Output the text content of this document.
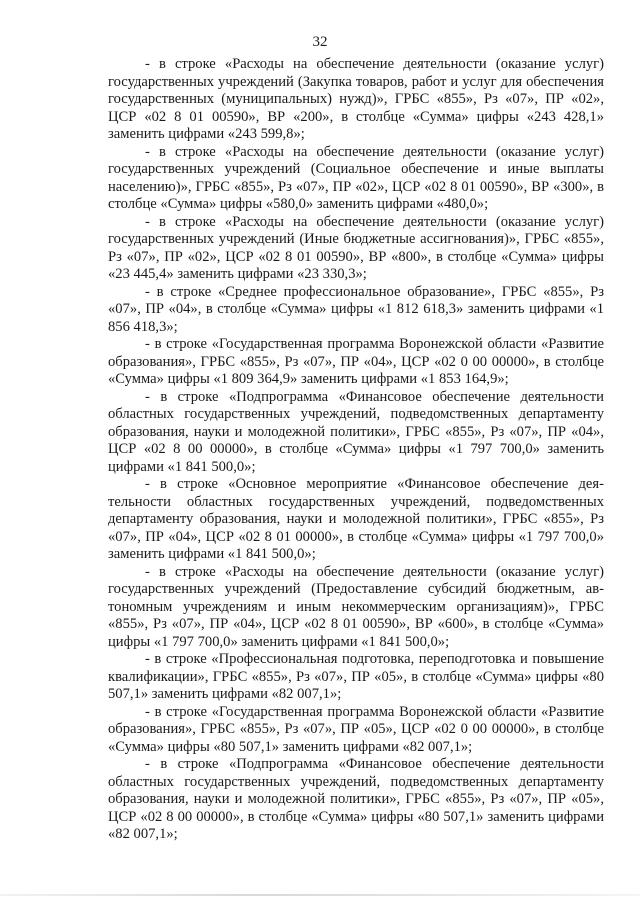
32

- в строке «Расходы на обеспечение деятельности (оказание услуг) государственных учреждений (Закупка товаров, работ и услуг для обеспечения государственных (муниципальных) нужд)», ГРБС «855», Рз «07», ПР «02», ЦСР «02 8 01 00590», ВР «200», в столбце «Сумма» цифры «243 428,1» заменить цифрами «243 599,8»;

- в строке «Расходы на обеспечение деятельности (оказание услуг) государственных учреждений (Социальное обеспечение и иные выплаты населению)», ГРБС «855», Рз «07», ПР «02», ЦСР «02 8 01 00590», ВР «300», в столбце «Сумма» цифры «580,0» заменить цифрами «480,0»;

- в строке «Расходы на обеспечение деятельности (оказание услуг) государственных учреждений (Иные бюджетные ассигнования)», ГРБС «855», Рз «07», ПР «02», ЦСР «02 8 01 00590», ВР «800», в столбце «Сумма» цифры «23 445,4» заменить цифрами «23 330,3»;

- в строке «Среднее профессиональное образование», ГРБС «855», Рз «07», ПР «04», в столбце «Сумма» цифры «1 812 618,3» заменить цифрами «1 856 418,3»;

- в строке «Государственная программа Воронежской области «Развитие образования», ГРБС «855», Рз «07», ПР «04», ЦСР «02 0 00 00000», в столбце «Сумма» цифры «1 809 364,9» заменить цифрами «1 853 164,9»;

- в строке «Подпрограмма «Финансовое обеспечение деятельности областных государственных учреждений, подведомственных департаменту образования, науки и молодежной политики», ГРБС «855», Рз «07», ПР «04», ЦСР «02 8 00 00000», в столбце «Сумма» цифры «1 797 700,0» заменить цифрами «1 841 500,0»;

- в строке «Основное мероприятие «Финансовое обеспечение деятельности областных государственных учреждений, подведомственных департаменту образования, науки и молодежной политики», ГРБС «855», Рз «07», ПР «04», ЦСР «02 8 01 00000», в столбце «Сумма» цифры «1 797 700,0» заменить цифрами «1 841 500,0»;

- в строке «Расходы на обеспечение деятельности (оказание услуг) государственных учреждений (Предоставление субсидий бюджетным, автономным учреждениям и иным некоммерческим организациям)», ГРБС «855», Рз «07», ПР «04», ЦСР «02 8 01 00590», ВР «600», в столбце «Сумма» цифры «1 797 700,0» заменить цифрами «1 841 500,0»;

- в строке «Профессиональная подготовка, переподготовка и повышение квалификации», ГРБС «855», Рз «07», ПР «05», в столбце «Сумма» цифры «80 507,1» заменить цифрами «82 007,1»;

- в строке «Государственная программа Воронежской области «Развитие образования», ГРБС «855», Рз «07», ПР «05», ЦСР «02 0 00 00000», в столбце «Сумма» цифры «80 507,1» заменить цифрами «82 007,1»;

- в строке «Подпрограмма «Финансовое обеспечение деятельности областных государственных учреждений, подведомственных департаменту образования, науки и молодежной политики», ГРБС «855», Рз «07», ПР «05», ЦСР «02 8 00 00000», в столбце «Сумма» цифры «80 507,1» заменить цифрами «82 007,1»;
